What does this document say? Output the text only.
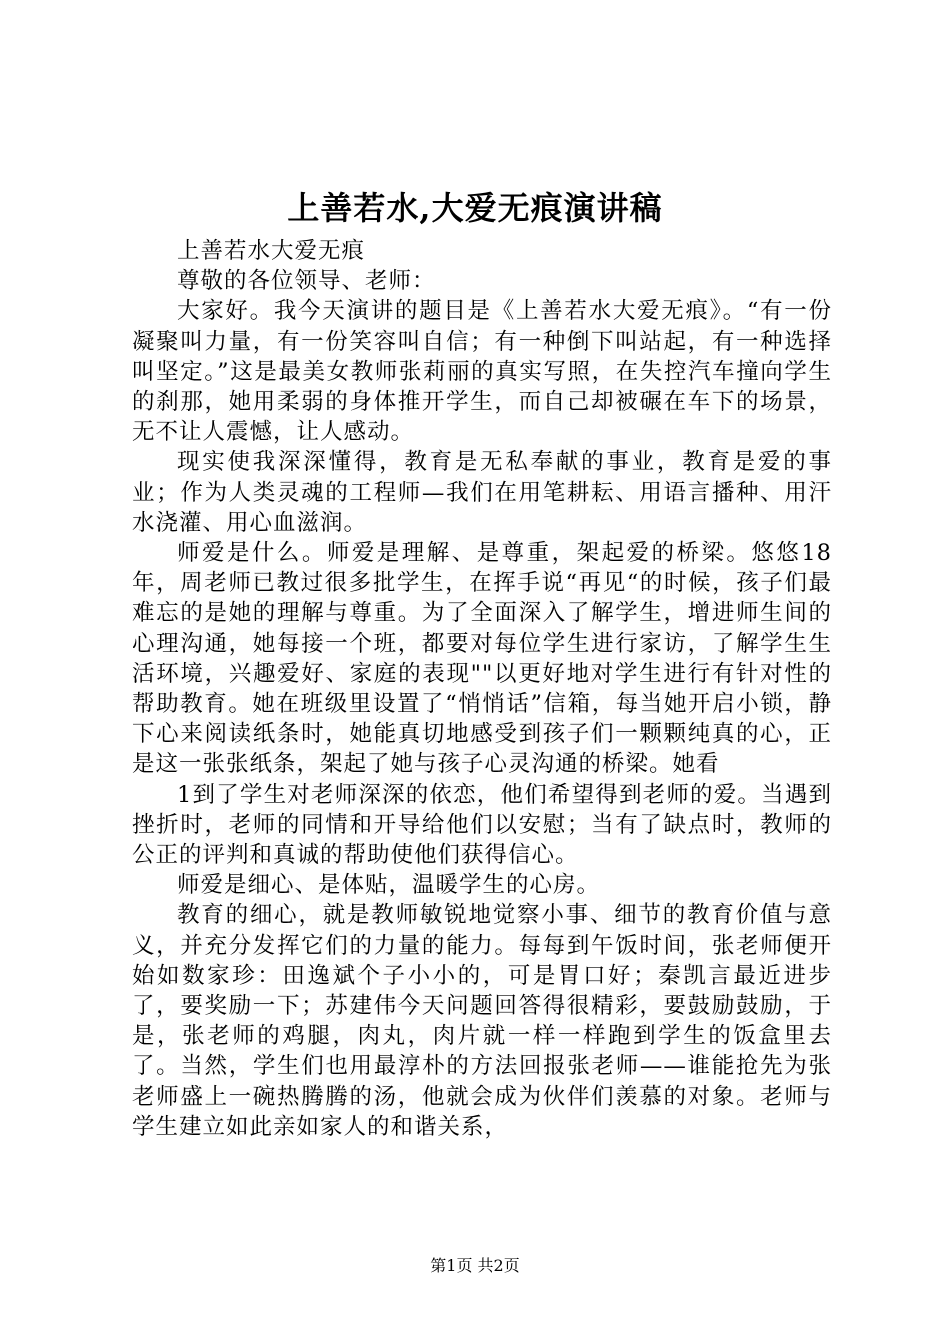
上善若水,大爱无痕演讲稿

上善若水大爱无痕

尊敬的各位领导、老师：

大家好。我今天演讲的题目是《上善若水大爱无痕》。“有一份凝聚叫力量，有一份笑容叫自信；有一种倒下叫站起，有一种选择叫坚定。”这是最美女教师张莉丽的真实写照，在失控汽车撞向学生的刹那，她用柔弱的身体推开学生，而自己却被碾在车下的场景，无不让人震憾，让人感动。

现实使我深深懂得，教育是无私奉献的事业，教育是爱的事业；作为人类灵魂的工程师—我们在用笔耕耘、用语言播种、用汗水浇灌、用心血滋润。

师爱是什么。师爱是理解、是尊重，架起爱的桥梁。悠悠18年，周老师已教过很多批学生，在挥手说“再见“的时候，孩子们最难忘的是她的理解与尊重。为了全面深入了解学生，增进师生间的心理沟通，她每接一个班，都要对每位学生进行家访，了解学生生活环境，兴趣爱好、家庭的表现""以更好地对学生进行有针对性的帮助教育。她在班级里设置了“悄悄话”信箱，每当她开启小锁，静下心来阅读纸条时，她能真切地感受到孩子们一颗颗纯真的心，正是这一张张纸条，架起了她与孩子心灵沟通的桥梁。她看

1到了学生对老师深深的依恋，他们希望得到老师的爱。当遇到挫折时，老师的同情和开导给他们以安慰；当有了缺点时，教师的公正的评判和真诚的帮助使他们获得信心。

师爱是细心、是体贴，温暖学生的心房。

教育的细心，就是教师敏锐地觉察小事、细节的教育价值与意义，并充分发挥它们的力量的能力。每每到午饭时间，张老师便开始如数家珍：田逸斌个子小小的，可是胃口好；秦凯言最近进步了，要奖励一下；苏建伟今天问题回答得很精彩，要鼓励鼓励，于是，张老师的鸡腿，肉丸，肉片就一样一样跑到学生的饭盒里去了。当然，学生们也用最淳朴的方法回报张老师——谁能抢先为张老师盛上一碗热腾腾的汤，他就会成为伙伴们羡慕的对象。老师与学生建立如此亲如家人的和谐关系，

第1页 共2页
